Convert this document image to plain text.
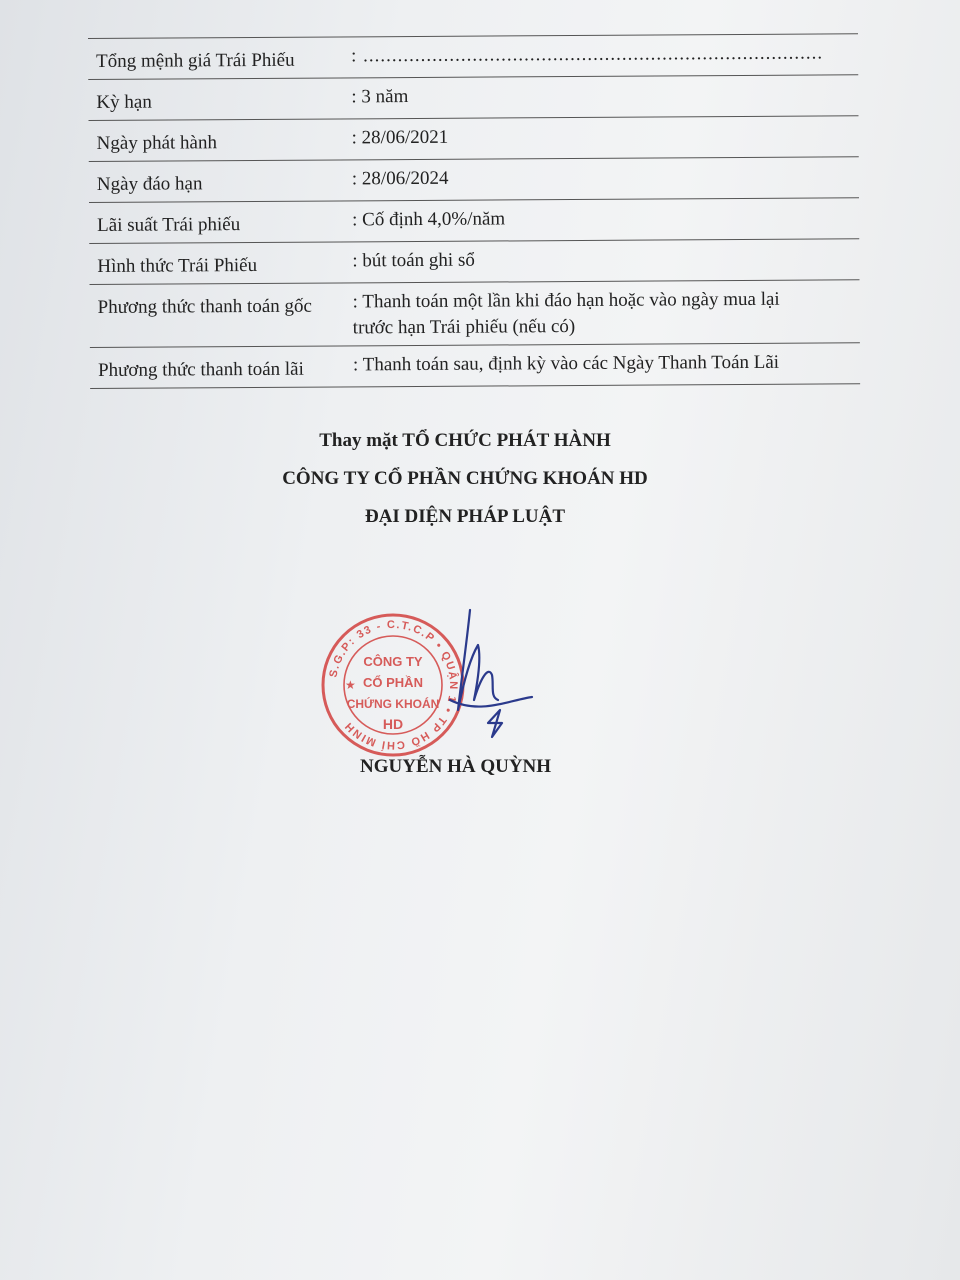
Tổng mệnh giá Trái Phiếu	: ................................................................................
Kỳ hạn	: 3 năm
Ngày phát hành	: 28/06/2021
Ngày đáo hạn	: 28/06/2024
Lãi suất Trái phiếu	: Cố định 4,0%/năm
Hình thức Trái Phiếu	: bút toán ghi sổ
Phương thức thanh toán gốc	: Thanh toán một lần khi đáo hạn hoặc vào ngày mua lại
trước hạn Trái phiếu (nếu có)
Phương thức thanh toán lãi	: Thanh toán sau, định kỳ vào các Ngày Thanh Toán Lãi
Thay mặt TỔ CHỨC PHÁT HÀNH
CÔNG TY CỔ PHẦN CHỨNG KHOÁN HD
ĐẠI DIỆN PHÁP LUẬT
S.G.P: 33 - C.T.C.P • QUẬN 1 • TP HỒ CHÍ MINH
★
CÔNG TY
CỔ PHẦN
CHỨNG KHOÁN
HD
NGUYỄN HÀ QUỲNH
